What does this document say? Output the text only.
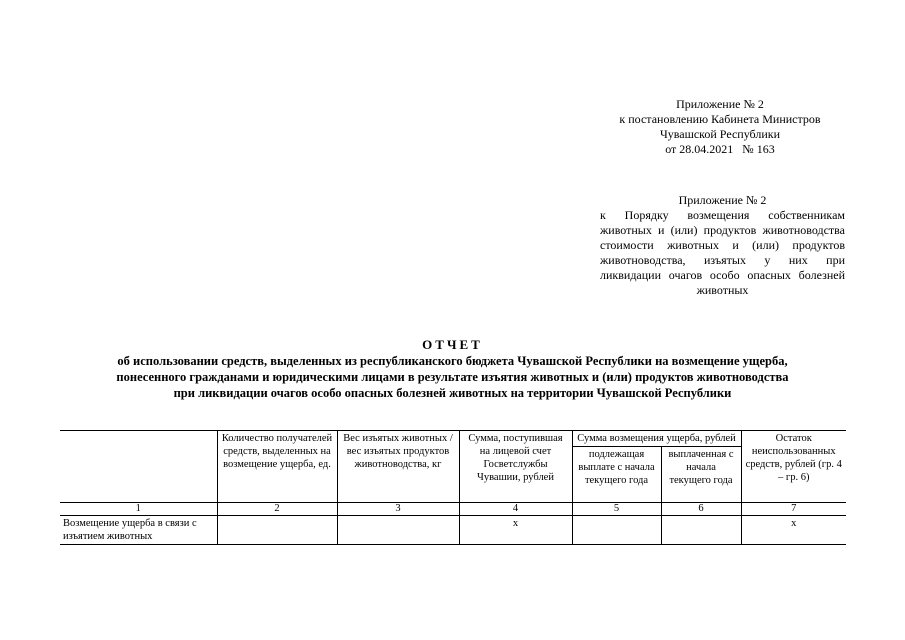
Приложение № 2
к постановлению Кабинета Министров
Чувашской Республики
от 28.04.2021   № 163
Приложение № 2
к Порядку возмещения собственникам животных и (или) продуктов животноводства стоимости животных и (или) продуктов животноводства, изъятых у них при ликвидации очагов особо опасных болезней животных
ОТЧЕТ
об использовании средств, выделенных из республиканского бюджета Чувашской Республики на возмещение ущерба,
понесенного гражданами и юридическими лицами в результате изъятия животных и (или) продуктов животноводства
при ликвидации очагов особо опасных болезней животных на территории Чувашской Республики
	Количество получателей средств, выделенных на возмещение ущерба, ед.	Вес изъятых животных / вес изъятых продуктов животноводства, кг	Сумма, поступившая на лицевой счет Госветслужбы Чувашии, рублей	Сумма возмещения ущерба, рублей		Остаток неиспользованных средств, рублей (гр. 4 – гр. 6)
				подлежащая выплате с начала текущего года	выплаченная с начала текущего года	
1	2	3	4	5	6	7
Возмещение ущерба в связи с изъятием животных			х			х
